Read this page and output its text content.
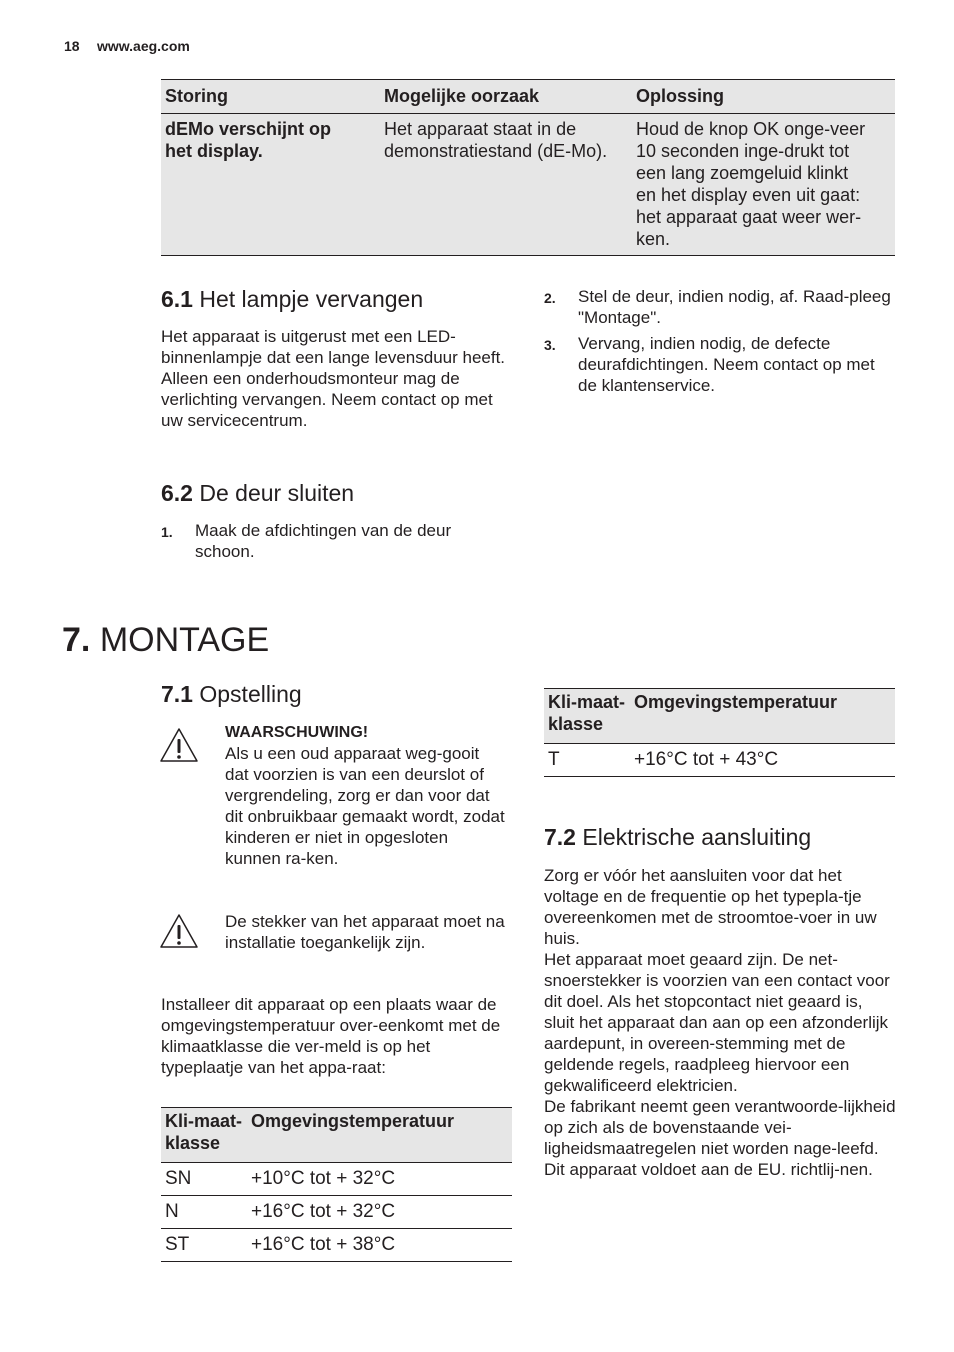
18 www.aeg.com
Storing	Mogelijke oorzaak	Oplossing
dEMo verschijnt op het display.	Het apparaat staat in de demonstratiestand (dE-Mo).	Houd de knop OK onge-veer 10 seconden inge-drukt tot een lang zoemgeluid klinkt en het display even uit gaat: het apparaat gaat weer wer-ken.
6.1 Het lampje vervangen
Het apparaat is uitgerust met een LED-binnenlampje dat een lange levensduur heeft.
Alleen een onderhoudsmonteur mag de verlichting vervangen. Neem contact op met uw servicecentrum.
6.2 De deur sluiten
1. Maak de afdichtingen van de deur schoon.
2. Stel de deur, indien nodig, af. Raad-pleeg "Montage".
3. Vervang, indien nodig, de defecte deurafdichtingen. Neem contact op met de klantenservice.
7. MONTAGE
7.1 Opstelling
WAARSCHUWING!
Als u een oud apparaat weg-gooit dat voorzien is van een deurslot of vergrendeling, zorg er dan voor dat dit onbruikbaar gemaakt wordt, zodat kinderen er niet in opgesloten kunnen ra-ken.
De stekker van het apparaat moet na installatie toegankelijk zijn.
Installeer dit apparaat op een plaats waar de omgevingstemperatuur over-eenkomt met de klimaatklasse die ver-meld is op het typeplaatje van het appa-raat:
Kli-maat-klasse	Omgevingstemperatuur
SN	+10°C tot + 32°C
N	+16°C tot + 32°C
ST	+16°C tot + 38°C
Kli-maat-klasse	Omgevingstemperatuur
T	+16°C tot + 43°C
7.2 Elektrische aansluiting
Zorg er vóór het aansluiten voor dat het voltage en de frequentie op het typepla-tje overeenkomen met de stroomtoe-voer in uw huis.
Het apparaat moet geaard zijn. De net-snoerstekker is voorzien van een contact voor dit doel. Als het stopcontact niet geaard is, sluit het apparaat dan aan op een afzonderlijk aardepunt, in overeen-stemming met de geldende regels, raadpleeg hiervoor een gekwalificeerd elektricien.
De fabrikant neemt geen verantwoorde-lijkheid op zich als de bovenstaande vei-ligheidsmaatregelen niet worden nage-leefd.
Dit apparaat voldoet aan de EU. richtlij-nen.
